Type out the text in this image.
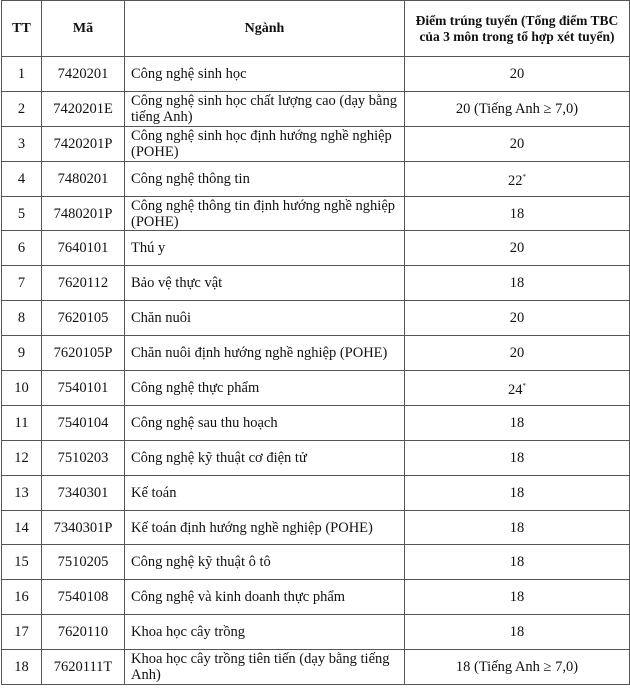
TT	Mã	Ngành	Điểm trúng tuyển (Tổng điểm TBC của 3 môn trong tổ hợp xét tuyển)
1	7420201	Công nghệ sinh học	20
2	7420201E	Công nghệ sinh học chất lượng cao (dạy bằng tiếng Anh)	20 (Tiếng Anh ≥ 7,0)
3	7420201P	Công nghệ sinh học định hướng nghề nghiệp (POHE)	20
4	7480201	Công nghệ thông tin	22*
5	7480201P	Công nghệ thông tin định hướng nghề nghiệp (POHE)	18
6	7640101	Thú y	20
7	7620112	Bảo vệ thực vật	18
8	7620105	Chăn nuôi	20
9	7620105P	Chăn nuôi định hướng nghề nghiệp (POHE)	20
10	7540101	Công nghệ thực phẩm	24*
11	7540104	Công nghệ sau thu hoạch	18
12	7510203	Công nghệ kỹ thuật cơ điện tử	18
13	7340301	Kế toán	18
14	7340301P	Kế toán định hướng nghề nghiệp (POHE)	18
15	7510205	Công nghệ kỹ thuật ô tô	18
16	7540108	Công nghệ và kinh doanh thực phẩm	18
17	7620110	Khoa học cây trồng	18
18	7620111T	Khoa học cây trồng tiên tiến (dạy bằng tiếng Anh)	18 (Tiếng Anh ≥ 7,0)
